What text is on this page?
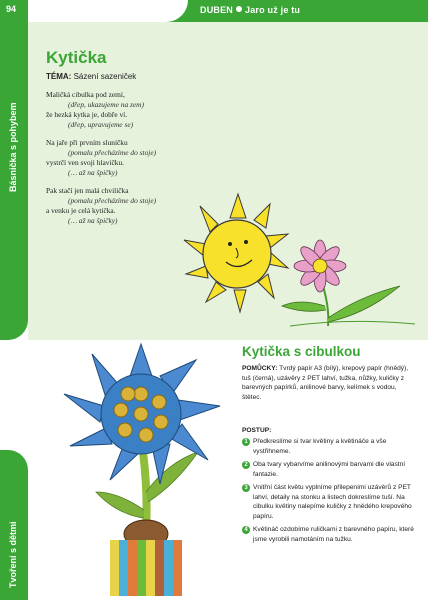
Básnička s pohybem
Tvoření s dětmi
94	DUBEN Jaro už je tu
Kytička
TÉMA: Sázení sazeniček
Maličká cibulka pod zemí,
(dřep, ukazujeme na zem)
že hezká kytka je, dobře ví.
(dřep, upravujeme se)
Na jaře při prvním sluníčku
(pomalu přecházíme do stoje)
vystrčí ven svoji hlavičku.
(… až na špičky)
Pak stačí jen malá chvilička
(pomalu přecházíme do stoje)
a venku je celá kytička.
(… až na špičky)
Kytička s cibulkou
POMŮCKY: Tvrdý papír A3 (bílý), krepový papír (hnědý), tuš (černá), uzávěry z PET lahví, tužka, nůžky, kuličky z barevných papírků, anilinové barvy, kelímek s vodou, štětec.
POSTUP:
1 Předkreslíme si tvar květiny a květináče a vše vystřihneme.
2 Oba tvary vybarvíme anilinovými barvami dle vlastní fantazie.
3 Vnitřní část květu vyplníme přilepeními uzávěrů z PET lahví, detaily na stonku a listech dokreslíme tuší. Na cibulku květiny nalepíme kuličky z hnědého krepového papíru.
4 Květináč ozdobíme ruličkami z barevného papíru, které jsme vyrobili namotáním na tužku.
